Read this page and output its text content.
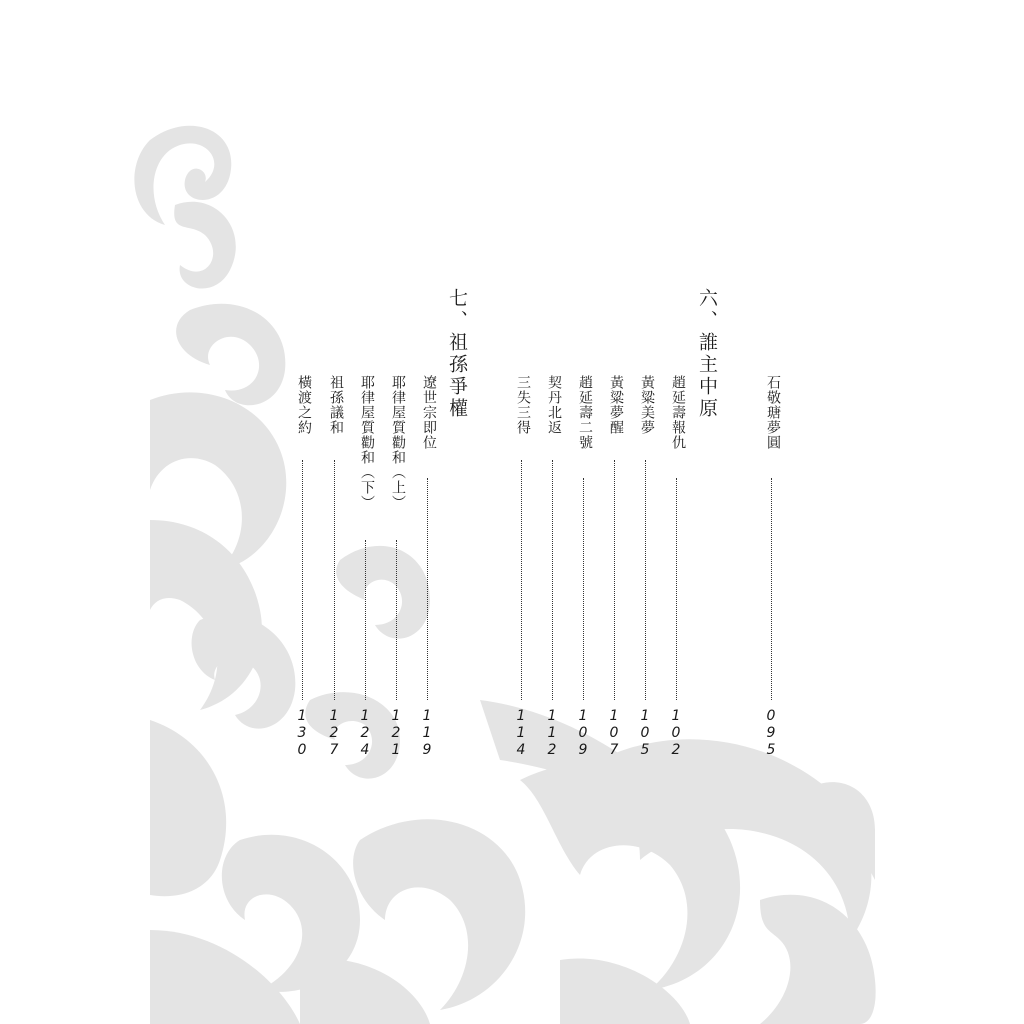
六、誰主中原
七、祖孫爭權	石敬瑭夢圓
095
趙延壽報仇
102
黃粱美夢
105
黃粱夢醒
107
趙延壽二號
109
契丹北返
112
三失三得
114
遼世宗即位
119
耶律屋質勸和（上）
121
耶律屋質勸和（下）
124
祖孫議和
127
橫渡之約
130
